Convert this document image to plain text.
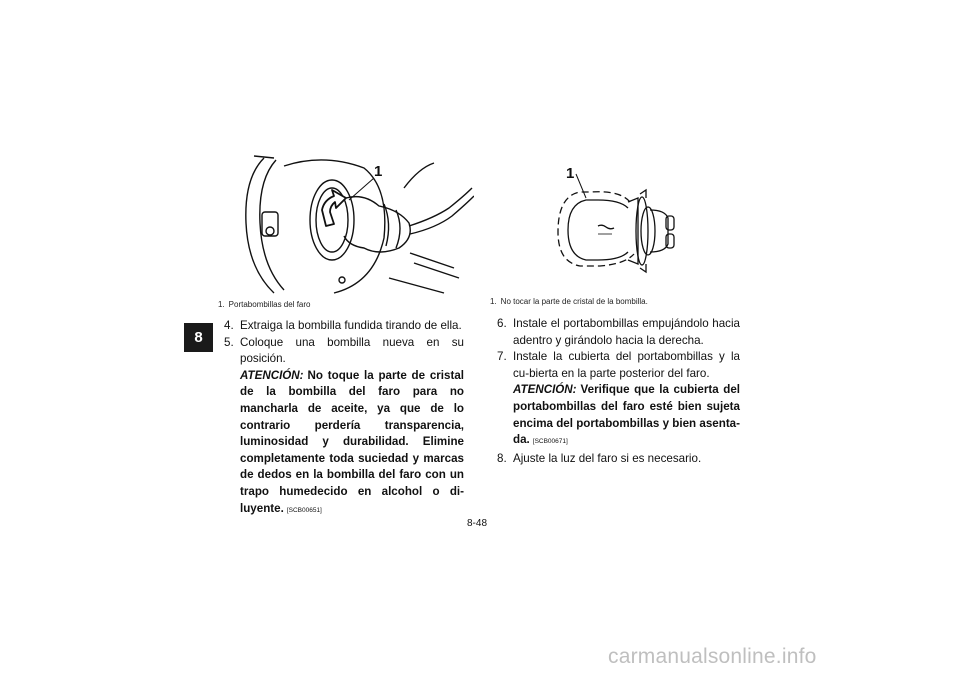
8
1
1. Portabombillas del faro
1
1. No tocar la parte de cristal de la bombilla.
4. Extraiga la bombilla fundida tirando de ella.
5. Coloque una bombilla nueva en su posición.
ATENCIÓN: No toque la parte de cristal de la bombilla del faro para no mancharla de aceite, ya que de lo contrario perdería transparencia, luminosidad y durabilidad. Elimine completamente toda suciedad y marcas de dedos en la bombilla del faro con un trapo humedecido en alcohol o di-luyente. [SCB00651]
6. Instale el portabombillas empujándolo hacia adentro y girándolo hacia la derecha.
7. Instale la cubierta del portabombillas y la cu-bierta en la parte posterior del faro.
ATENCIÓN: Verifique que la cubierta del portabombillas del faro esté bien sujeta encima del portabombillas y bien asenta-da. [SCB00671]
8. Ajuste la luz del faro si es necesario.
8-48
carmanualsonline.info
